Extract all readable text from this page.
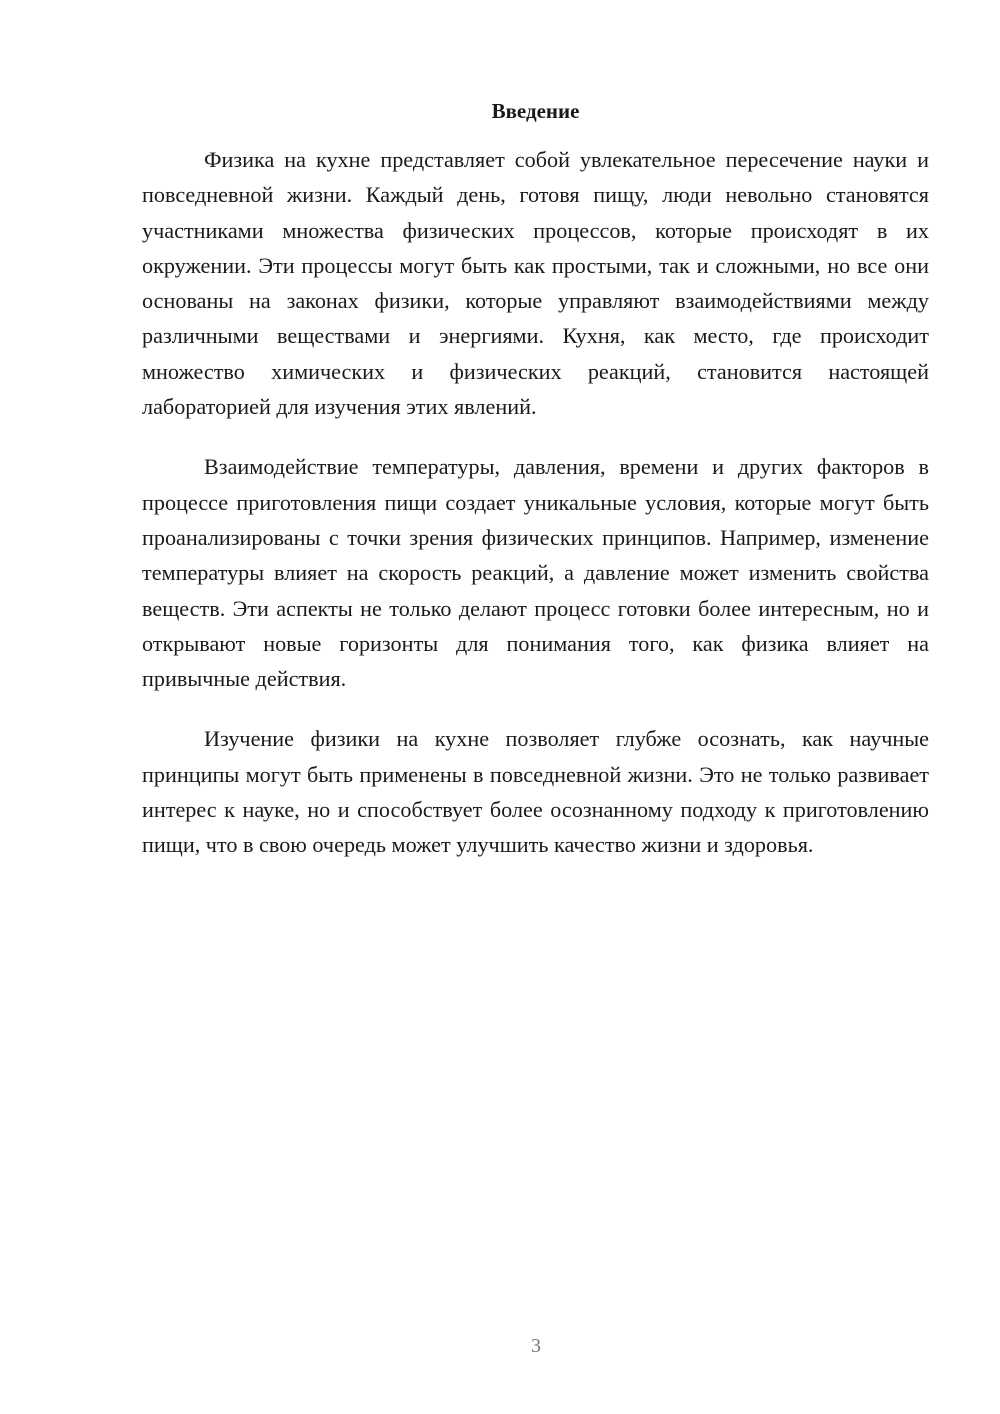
Введение

Физика на кухне представляет собой увлекательное пересечение науки и повседневной жизни. Каждый день, готовя пищу, люди невольно становятся участниками множества физических процессов, которые происходят в их окружении. Эти процессы могут быть как простыми, так и сложными, но все они основаны на законах физики, которые управляют взаимодействиями между различными веществами и энергиями. Кухня, как место, где происходит множество химических и физических реакций, становится настоящей лабораторией для изучения этих явлений.

Взаимодействие температуры, давления, времени и других факторов в процессе приготовления пищи создает уникальные условия, которые могут быть проанализированы с точки зрения физических принципов. Например, изменение температуры влияет на скорость реакций, а давление может изменить свойства веществ. Эти аспекты не только делают процесс готовки более интересным, но и открывают новые горизонты для понимания того, как физика влияет на привычные действия.

Изучение физики на кухне позволяет глубже осознать, как научные принципы могут быть применены в повседневной жизни. Это не только развивает интерес к науке, но и способствует более осознанному подходу к приготовлению пищи, что в свою очередь может улучшить качество жизни и здоровья.

3
